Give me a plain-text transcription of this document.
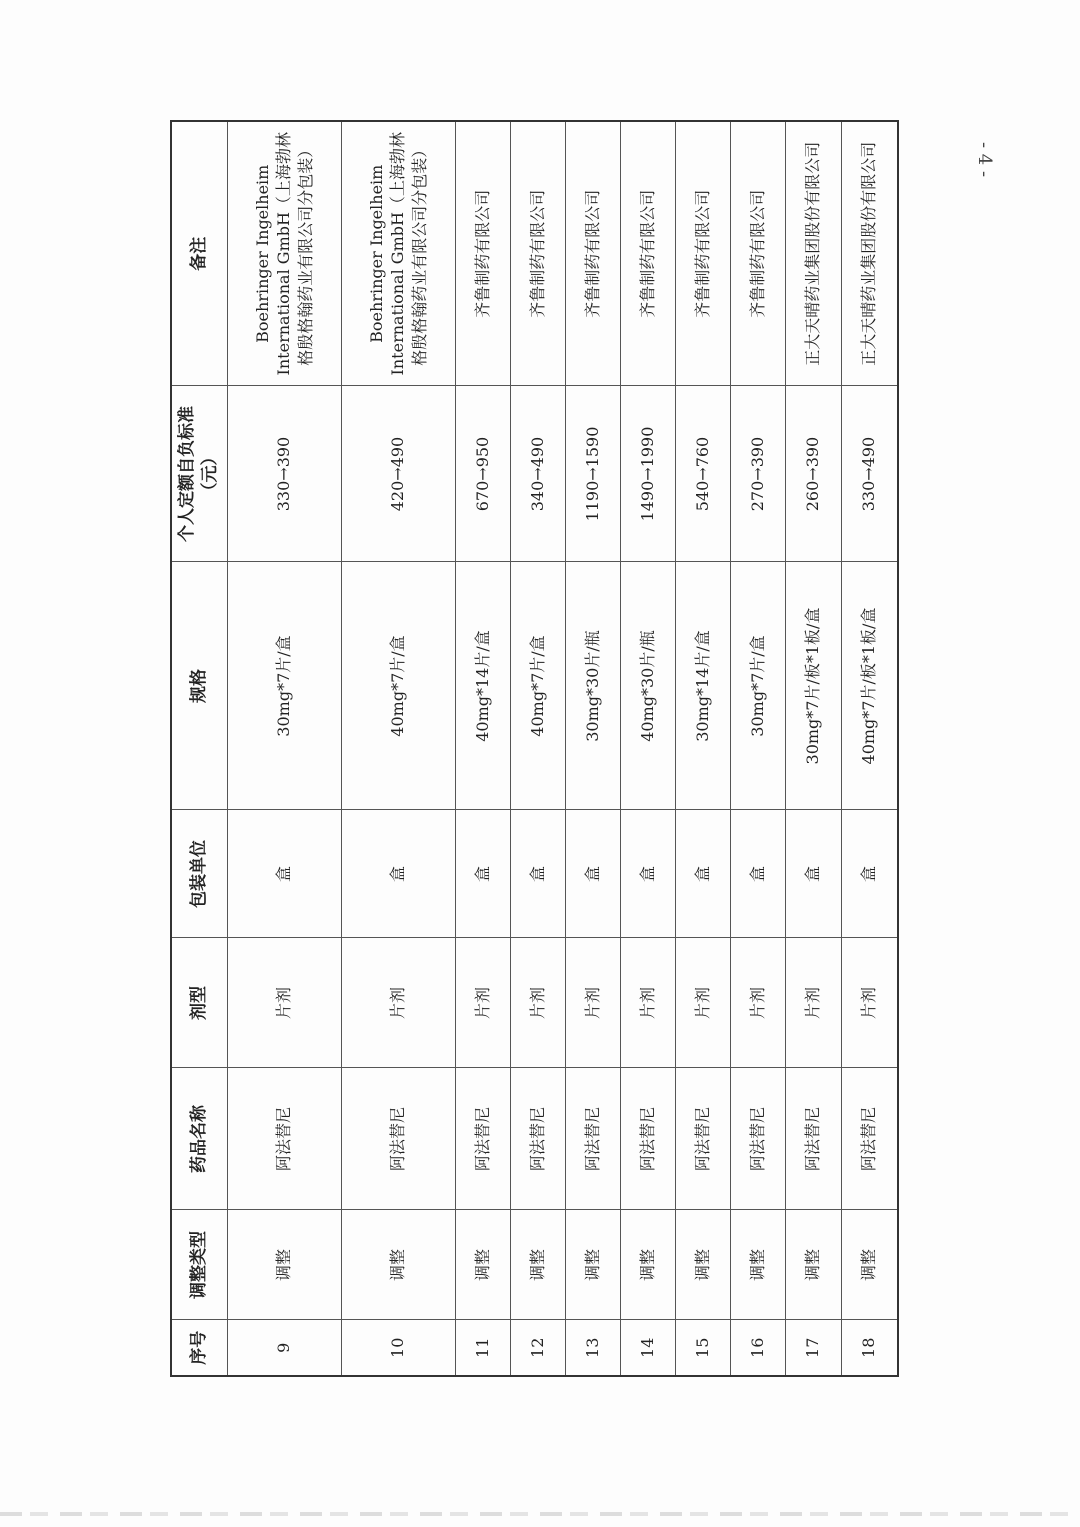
序号	调整类型	药品名称	剂型	包装单位	规格	个人定额自负标准（元）	备注
9	调整	阿法替尼	片剂	盒	30mg*7片/盒	330→390	Boehringer Ingelheim International GmbH（上海勃林格殷格翰药业有限公司分包装）
10	调整	阿法替尼	片剂	盒	40mg*7片/盒	420→490	Boehringer Ingelheim International GmbH（上海勃林格殷格翰药业有限公司分包装）
11	调整	阿法替尼	片剂	盒	40mg*14片/盒	670→950	齐鲁制药有限公司
12	调整	阿法替尼	片剂	盒	40mg*7片/盒	340→490	齐鲁制药有限公司
13	调整	阿法替尼	片剂	盒	30mg*30片/瓶	1190→1590	齐鲁制药有限公司
14	调整	阿法替尼	片剂	盒	40mg*30片/瓶	1490→1990	齐鲁制药有限公司
15	调整	阿法替尼	片剂	盒	30mg*14片/盒	540→760	齐鲁制药有限公司
16	调整	阿法替尼	片剂	盒	30mg*7片/盒	270→390	齐鲁制药有限公司
17	调整	阿法替尼	片剂	盒	30mg*7片/板*1板/盒	260→390	正大天晴药业集团股份有限公司
18	调整	阿法替尼	片剂	盒	40mg*7片/板*1板/盒	330→490	正大天晴药业集团股份有限公司	- 4 -
